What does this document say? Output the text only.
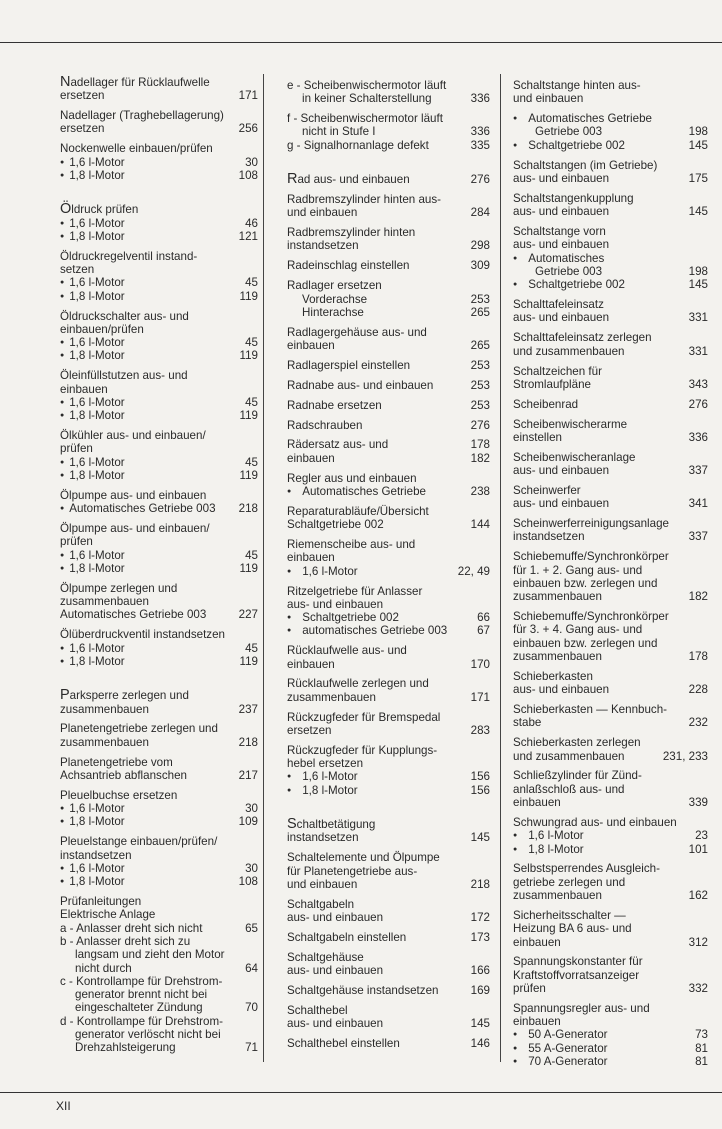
Nadellager für Rücklaufwelle
ersetzen	171
Nadellager (Traghebellagerung)
ersetzen	256
Nockenwelle einbauen/prüfen
● 1,6 l-Motor	30
● 1,8 l-Motor	108
Öldruck prüfen
● 1,6 l-Motor	46
● 1,8 l-Motor	121
Öldruckregelventil instand-
setzen
● 1,6 l-Motor	45
● 1,8 l-Motor	119
Öldruckschalter aus- und
einbauen/prüfen
● 1,6 l-Motor	45
● 1,8 l-Motor	119
Öleinfüllstutzen aus- und
einbauen
● 1,6 l-Motor	45
● 1,8 l-Motor	119
Ölkühler aus- und einbauen/
prüfen
● 1,6 l-Motor	45
● 1,8 l-Motor	119
Ölpumpe aus- und einbauen
● Automatisches Getriebe 003	218
Ölpumpe aus- und einbauen/
prüfen
● 1,6 l-Motor	45
● 1,8 l-Motor	119
Ölpumpe zerlegen und
zusammenbauen
Automatisches Getriebe 003	227
Ölüberdruckventil instandsetzen
● 1,6 l-Motor	45
● 1,8 l-Motor	119
Parksperre zerlegen und
zusammenbauen	237
Planetengetriebe zerlegen und
zusammenbauen	218
Planetengetriebe vom
Achsantrieb abflanschen	217
Pleuelbuchse ersetzen
● 1,6 l-Motor	30
● 1,8 l-Motor	109
Pleuelstange einbauen/prüfen/
instandsetzen
● 1,6 l-Motor	30
● 1,8 l-Motor	108
Prüfanleitungen
Elektrische Anlage
a - Anlasser dreht sich nicht	65
b - Anlasser dreht sich zu
langsam und zieht den Motor
nicht durch	64
c - Kontrollampe für Drehstrom-
generator brennt nicht bei
eingeschalteter Zündung	70
d - Kontrollampe für Drehstrom-
generator verlöscht nicht bei
Drehzahlsteigerung	71
e - Scheibenwischermotor läuft
in keiner Schalterstellung	336
f - Scheibenwischermotor läuft
nicht in Stufe I	336
g - Signalhornanlage defekt	335
Rad aus- und einbauen	276
Radbremszylinder hinten aus-
und einbauen	284
Radbremszylinder hinten
instandsetzen	298
Radeinschlag einstellen	309
Radlager ersetzen
Vorderachse	253
Hinterachse	265
Radlagergehäuse aus- und
einbauen	265
Radlagerspiel einstellen	253
Radnabe aus- und einbauen	253
Radnabe ersetzen	253
Radschrauben	276
Rädersatz aus- und	178
einbauen	182
Regler aus und einbauen
● Automatisches Getriebe	238
Reparaturabläufe/Übersicht
Schaltgetriebe 002	144
Riemenscheibe aus- und
einbauen
● 1,6 l-Motor	22, 49
Ritzelgetriebe für Anlasser
aus- und einbauen
● Schaltgetriebe 002	66
● automatisches Getriebe 003	67
Rücklaufwelle aus- und
einbauen	170
Rücklaufwelle zerlegen und
zusammenbauen	171
Rückzugfeder für Bremspedal
ersetzen	283
Rückzugfeder für Kupplungs-
hebel ersetzen
● 1,6 l-Motor	156
● 1,8 l-Motor	156
Schaltbetätigung
instandsetzen	145
Schaltelemente und Ölpumpe
für Planetengetriebe aus-
und einbauen	218
Schaltgabeln
aus- und einbauen	172
Schaltgabeln einstellen	173
Schaltgehäuse
aus- und einbauen	166
Schaltgehäuse instandsetzen	169
Schalthebel
aus- und einbauen	145
Schalthebel einstellen	146
Schaltstange hinten aus-
und einbauen
● Automatisches Getriebe
Getriebe 003	198
● Schaltgetriebe 002	145
Schaltstangen (im Getriebe)
aus- und einbauen	175
Schaltstangenkupplung
aus- und einbauen	145
Schaltstange vorn
aus- und einbauen
● Automatisches
Getriebe 003	198
● Schaltgetriebe 002	145
Schalttafeleinsatz
aus- und einbauen	331
Schalttafeleinsatz zerlegen
und zusammenbauen	331
Schaltzeichen für
Stromlaufpläne	343
Scheibenrad	276
Scheibenwischerarme
einstellen	336
Scheibenwischeranlage
aus- und einbauen	337
Scheinwerfer
aus- und einbauen	341
Scheinwerferreinigungsanlage
instandsetzen	337
Schiebemuffe/Synchronkörper
für 1. + 2. Gang aus- und
einbauen bzw. zerlegen und
zusammenbauen	182
Schiebemuffe/Synchronkörper
für 3. + 4. Gang aus- und
einbauen bzw. zerlegen und
zusammenbauen	178
Schieberkasten
aus- und einbauen	228
Schieberkasten — Kennbuch-
stabe	232
Schieberkasten zerlegen
und zusammenbauen	231, 233
Schließzylinder für Zünd-
anlaßschloß aus- und
einbauen	339
Schwungrad aus- und einbauen
● 1,6 l-Motor	23
● 1,8 l-Motor	101
Selbstsperrendes Ausgleich-
getriebe zerlegen und
zusammenbauen	162
Sicherheitsschalter —
Heizung BA 6 aus- und
einbauen	312
Spannungskonstanter für
Kraftstoffvorratsanzeiger
prüfen	332
Spannungsregler aus- und
einbauen
● 50 A-Generator	73
● 55 A-Generator	81
● 70 A-Generator	81
XII
